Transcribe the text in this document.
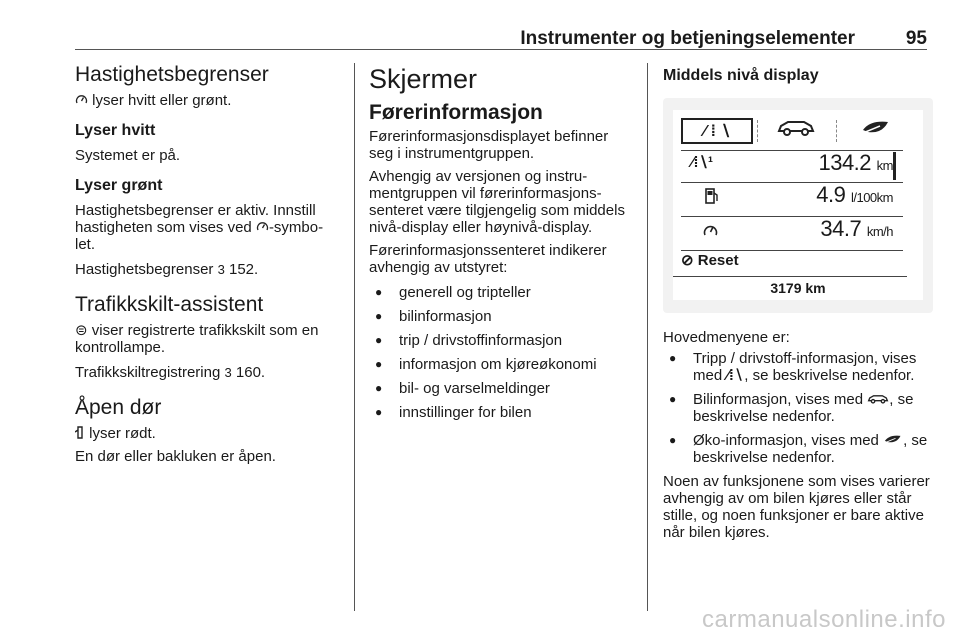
Instrumenter og betjeningselementer	95
Hastighetsbegrenser

lyser hvitt eller grønt.

Lyser hvitt

Systemet er på.

Lyser grønt

Hastighetsbegrenser er aktiv. Innstill hastigheten som vises ved -symbo-let.

Hastighetsbegrenser 3 152.

Trafikkskilt-assistent

⊜ viser registrerte trafikkskilt som en kontrollampe.

Trafikkskiltregistrering 3 160.

Åpen dør

lyser rødt.

En dør eller bakluken er åpen.

Skjermer
Førerinformasjon

Førerinformasjonsdisplayet befinner seg i instrumentgruppen.

Avhengig av versjonen og instru-mentgruppen vil førerinformasjons-senteret være tilgjengelig som middels nivå-display eller høynivå-display.

Førerinformasjonssenteret indikerer avhengig av utstyret:

● generell og tripteller
● bilinformasjon
● trip / drivstoffinformasjon
● informasjon om kjøreøkonomi
● bil- og varselmeldinger
● innstillinger for bilen
Middels nivå display
⁄ ⁞ ∖
⁄⁞∖¹	134.2 km
4.9 l/100km
34.7 km/h
⊘ Reset
3179 km

Hovedmenyene er:

● Tripp / drivstoff-informasjon, vises med ⁄⁞∖, se beskrivelse nedenfor.
● Bilinformasjon, vises med , se beskrivelse nedenfor.
● Øko-informasjon, vises med , se beskrivelse nedenfor.

Noen av funksjonene som vises varierer avhengig av om bilen kjøres eller står stille, og noen funksjoner er bare aktive når bilen kjøres.

carmanualsonline.info
